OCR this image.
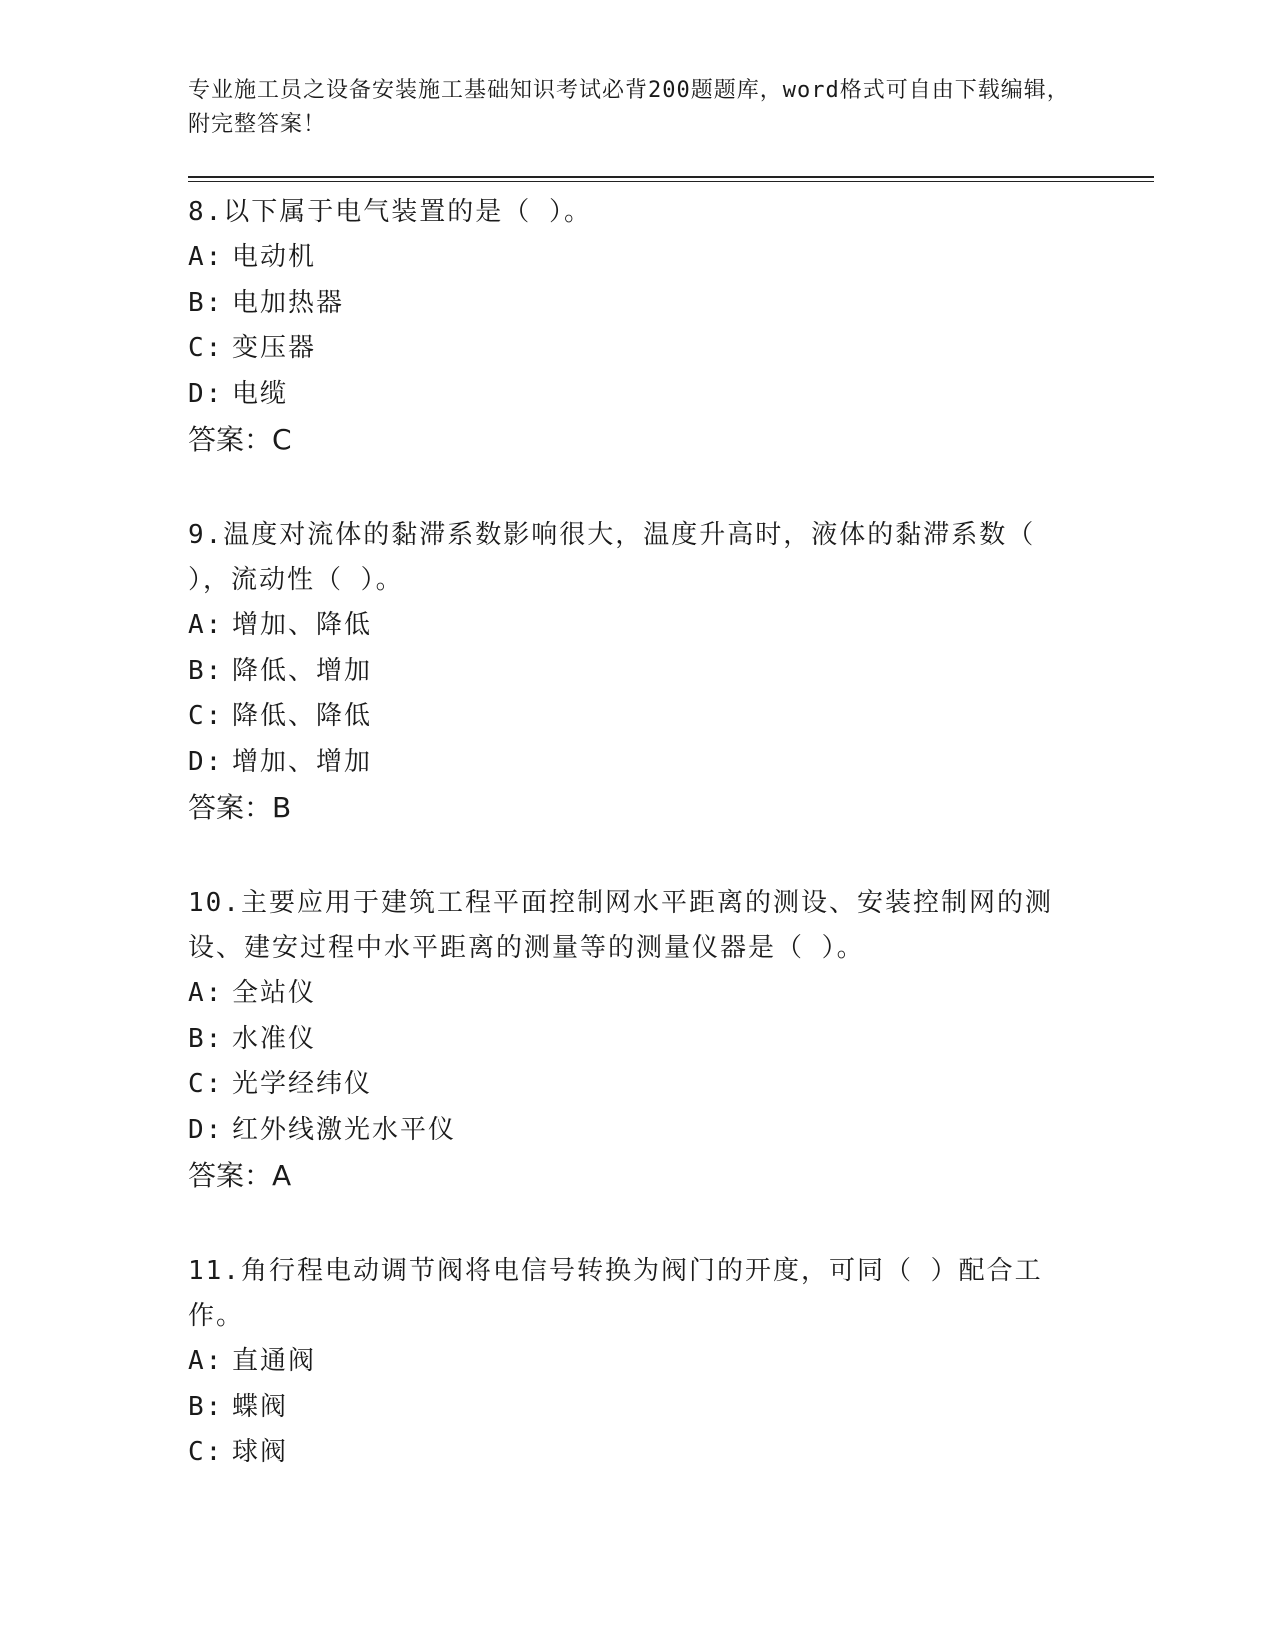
专业施工员之设备安装施工基础知识考试必背200题题库，word格式可自由下载编辑，附完整答案！
8.以下属于电气装置的是（ ）。
A: 电动机
B: 电加热器
C: 变压器
D: 电缆
答案：C
9.温度对流体的黏滞系数影响很大，温度升高时，液体的黏滞系数（ ），流动性（ ）。
A: 增加、降低
B: 降低、增加
C: 降低、降低
D: 增加、增加
答案：B
10.主要应用于建筑工程平面控制网水平距离的测设、安装控制网的测设、建安过程中水平距离的测量等的测量仪器是（ ）。
A: 全站仪
B: 水准仪
C: 光学经纬仪
D: 红外线激光水平仪
答案：A
11.角行程电动调节阀将电信号转换为阀门的开度，可同（ ）配合工作。
A: 直通阀
B: 蝶阀
C: 球阀
